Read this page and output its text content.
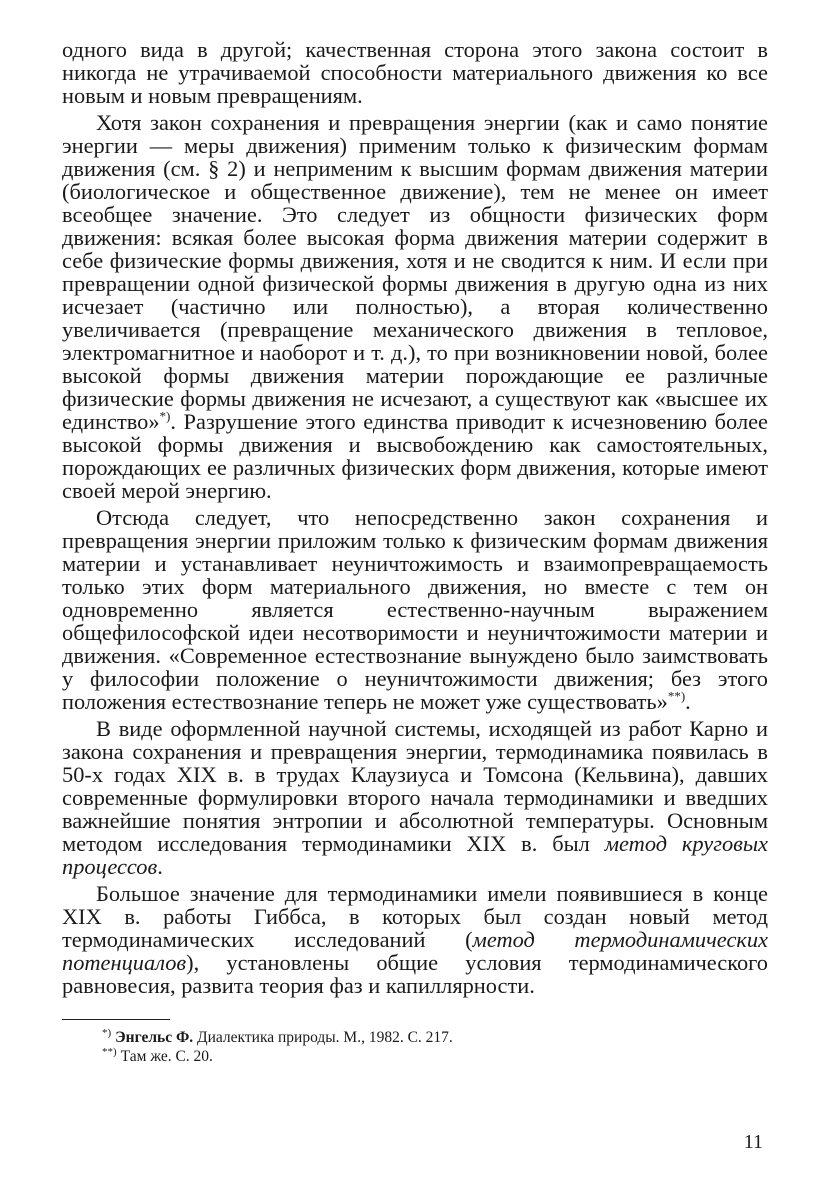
одного вида в другой; качественная сторона этого закона состоит в никогда не утрачиваемой способности материального движения ко все новым и новым превращениям.

Хотя закон сохранения и превращения энергии (как и само понятие энергии — меры движения) применим только к физическим формам движения (см. § 2) и неприменим к высшим формам движения материи (биологическое и общественное движение), тем не менее он имеет всеобщее значение. Это следует из общности физических форм движения: всякая более высокая форма движения материи содержит в себе физические формы движения, хотя и не сводится к ним. И если при превращении одной физической формы движения в другую одна из них исчезает (частично или полностью), а вторая количественно увеличивается (превращение механического движения в тепловое, электромагнитное и наоборот и т. д.), то при возникновении новой, более высокой формы движения материи порождающие ее различные физические формы движения не исчезают, а существуют как «высшее их единство»*). Разрушение этого единства приводит к исчезновению более высокой формы движения и высвобождению как самостоятельных, порождающих ее различных физических форм движения, которые имеют своей мерой энергию.

Отсюда следует, что непосредственно закон сохранения и превращения энергии приложим только к физическим формам движения материи и устанавливает неуничтожимость и взаимопревращаемость только этих форм материального движения, но вместе с тем он одновременно является естественно-научным выражением общефилософской идеи несотворимости и неуничтожимости материи и движения. «Современное естествознание вынуждено было заимствовать у философии положение о неуничтожимости движения; без этого положения естествознание теперь не может уже существовать»**).

В виде оформленной научной системы, исходящей из работ Карно и закона сохранения и превращения энергии, термодинамика появилась в 50-х годах XIX в. в трудах Клаузиуса и Томсона (Кельвина), давших современные формулировки второго начала термодинамики и введших важнейшие понятия энтропии и абсолютной температуры. Основным методом исследования термодинамики XIX в. был метод круговых процессов.

Большое значение для термодинамики имели появившиеся в конце XIX в. работы Гиббса, в которых был создан новый метод термодинамических исследований (метод термодинамических потенциалов), установлены общие условия термодинамического равновесия, развита теория фаз и капиллярности.

*) Энгельс Ф. Диалектика природы. М., 1982. С. 217.

**) Там же. С. 20.

11
